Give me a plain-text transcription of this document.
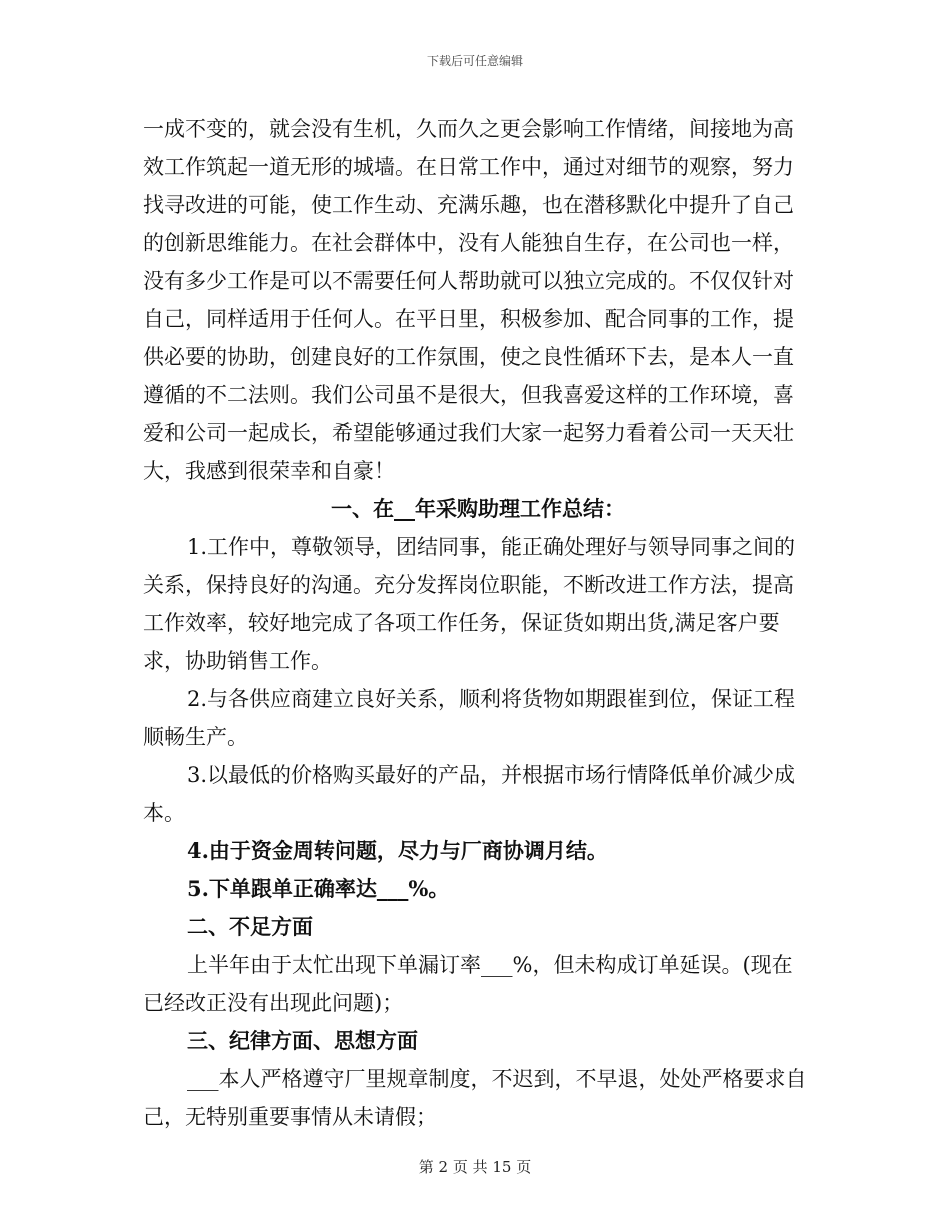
下载后可任意编辑

一成不变的，就会没有生机，久而久之更会影响工作情绪，间接地为高效工作筑起一道无形的城墙。在日常工作中，通过对细节的观察，努力找寻改进的可能，使工作生动、充满乐趣，也在潜移默化中提升了自己的创新思维能力。在社会群体中，没有人能独自生存，在公司也一样，没有多少工作是可以不需要任何人帮助就可以独立完成的。不仅仅针对自己，同样适用于任何人。在平日里，积极参加、配合同事的工作，提供必要的协助，创建良好的工作氛围，使之良性循环下去，是本人一直遵循的不二法则。我们公司虽不是很大，但我喜爱这样的工作环境，喜爱和公司一起成长，希望能够通过我们大家一起努力看着公司一天天壮大，我感到很荣幸和自豪！

一、在__年采购助理工作总结：

1.工作中，尊敬领导，团结同事，能正确处理好与领导同事之间的关系，保持良好的沟通。充分发挥岗位职能，不断改进工作方法，提高工作效率，较好地完成了各项工作任务，保证货如期出货,满足客户要求，协助销售工作。

2.与各供应商建立良好关系，顺利将货物如期跟崔到位，保证工程顺畅生产。

3.以最低的价格购买最好的产品，并根据市场行情降低单价减少成本。

4.由于资金周转问题，尽力与厂商协调月结。

5.下单跟单正确率达___%。

二、不足方面

上半年由于太忙出现下单漏订率___%，但未构成订单延误。(现在已经改正没有出现此问题)；

三、纪律方面、思想方面

___本人严格遵守厂里规章制度，不迟到，不早退，处处严格要求自己，无特别重要事情从未请假；

第 2 页 共 15 页
